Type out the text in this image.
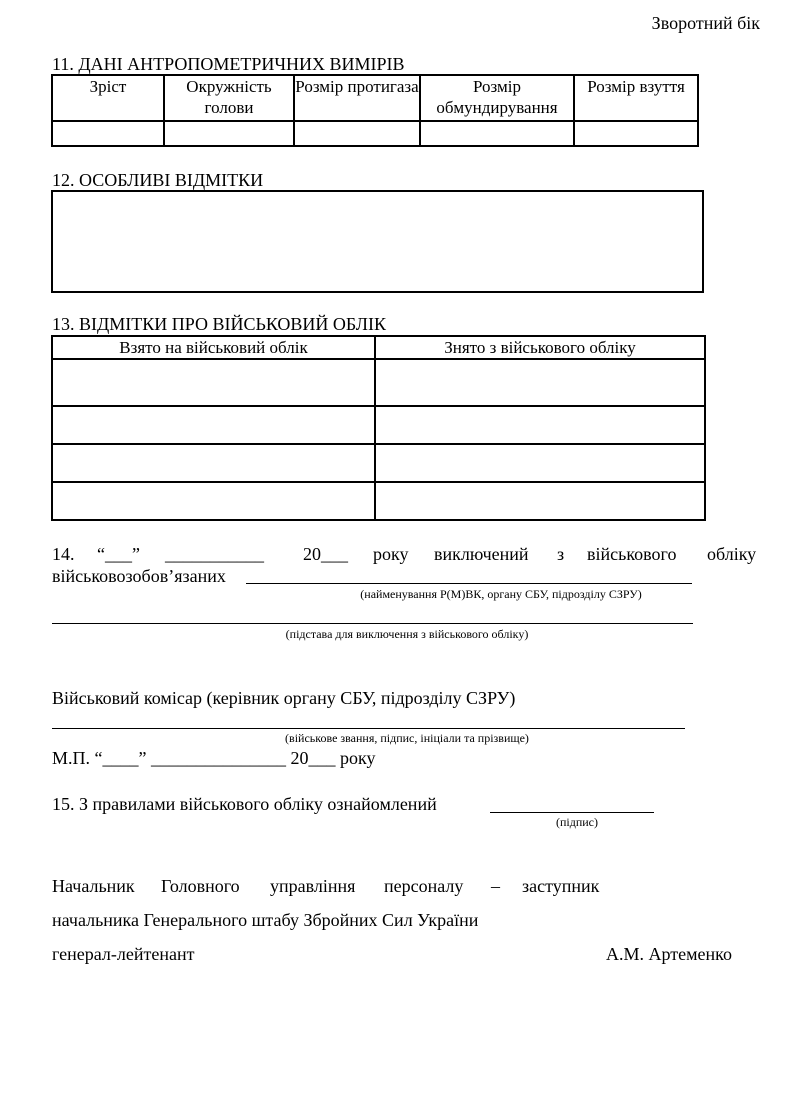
Зворотний бік
11. ДАНІ АНТРОПОМЕТРИЧНИХ ВИМІРІВ
Зріст	Окружність голови	Розмір протигаза	Розмір обмундирування	Розмір взуття

12. ОСОБЛИВІ ВІДМІТКИ
13. ВІДМІТКИ ПРО ВІЙСЬКОВИЙ ОБЛІК
Взято на військовий облік	Знято з військового обліку

14. “___” ___________ 20___ року виключений з військового обліку
військовозобов’язаних
(найменування Р(М)ВК, органу СБУ, підрозділу СЗРУ)
(підстава для виключення з військового обліку)
Військовий комісар (керівник органу СБУ, підрозділу СЗРУ)
(військове звання, підпис, ініціали та прізвище)
М.П. “____” _______________ 20___ року
15. З правилами військового обліку ознайомлений
(підпис)
Начальник Головного управління персоналу – заступник
начальника Генерального штабу Збройних Сил України
генерал-лейтенант	А.М. Артеменко
